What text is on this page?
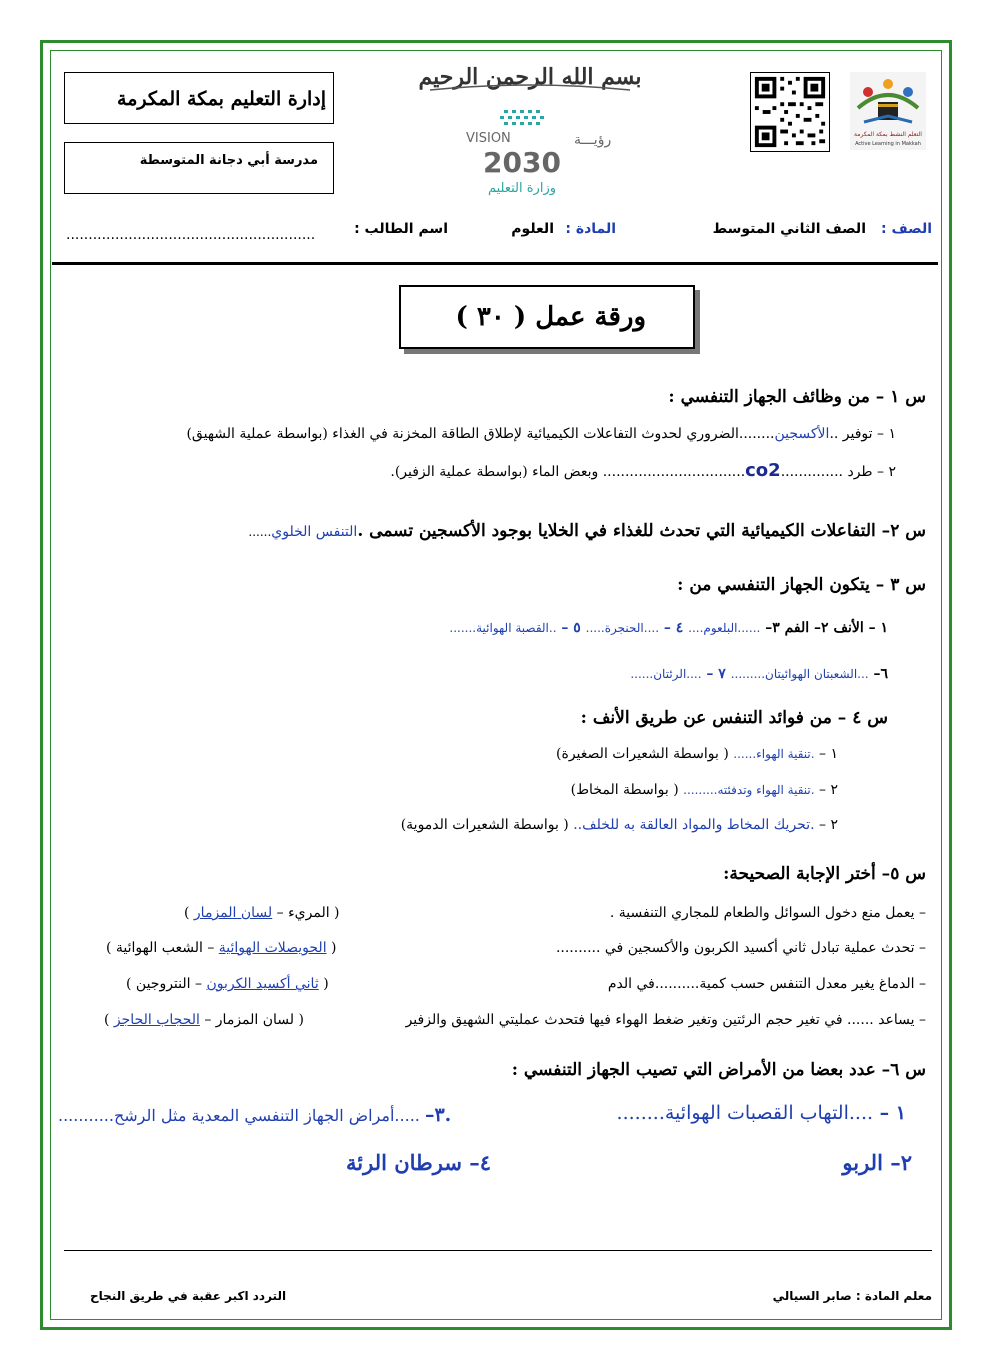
إدارة التعليم بمكة المكرمة
مدرسة أبي دجانة المتوسطة
بسم الله الرحمن الرحيم
VISION	رؤيـــة
2030
وزارة التعليم
التعلم النشط بمكة المكرمة
Active Learning in Makkah
الصف :
الصف الثاني المتوسط
المادة :
العلوم
اسم الطالب :
........................................................
ورقة عمل ( ٣٠ )
س ١ – من وظائف الجهاز التنفسي :
١ – توفير ..الأكسجين........الضروري لحدوث التفاعلات الكيميائية لإطلاق الطاقة المخزنة في الغذاء (بواسطة عملية الشهيق)
٢ – طرد ..............co2................................ وبعض الماء (بواسطة عملية الزفير).
س ٢– التفاعلات الكيميائية التي تحدث للغذاء في الخلايا بوجود الأكسجين تسمى .التنفس الخلوي......
س ٣ – يتكون الجهاز التنفسي من :
١ – الأنف ٢– الفم ٣– ......البلعوم.... ٤ – ....الحنجرة..... ٥ – ..القصبة الهوائية.......
٦– ...الشعبتان الهوائيتان......... ٧ – ....الرئتان......
س ٤ – من فوائد التنفس عن طريق الأنف :
١ – .تنقية الهواء...... ( بواسطة الشعيرات الصغيرة)
٢ – .تنقية الهواء وتدفئته......... ( بواسطة المخاط)
٢ – .تحريك المخاط والمواد العالقة به للخلف.. ( بواسطة الشعيرات الدموية)
س ٥– أختر الإجابة الصحيحة:
– يعمل منع دخول السوائل والطعام للمجاري التنفسية .
( المريء – لسان المزمار )
– تحدث عملية تبادل ثاني أكسيد الكربون والأكسجين في ..........
( الحويصلات الهوائية – الشعب الهوائية )
– الدماغ يغير معدل التنفس حسب كمية..........في الدم
( ثاني أكسيد الكربون – النتروجين )
– يساعد ...... في تغير حجم الرئتين وتغير ضغط الهواء فيها فتحدث عمليتي الشهيق والزفير
( لسان المزمار – الحجاب الحاجز )
س ٦– عدد بعضا من الأمراض التي تصيب الجهاز التنفسي :
١ – ....التهاب القصبات الهوائية........
.٣– .....أمراض الجهاز التنفسي المعدية مثل الرشح...........
٢– الربو
٤– سرطان الرئة
معلم المادة : صابر السيالي
التردد اكبر عقبة في طريق النجاح
